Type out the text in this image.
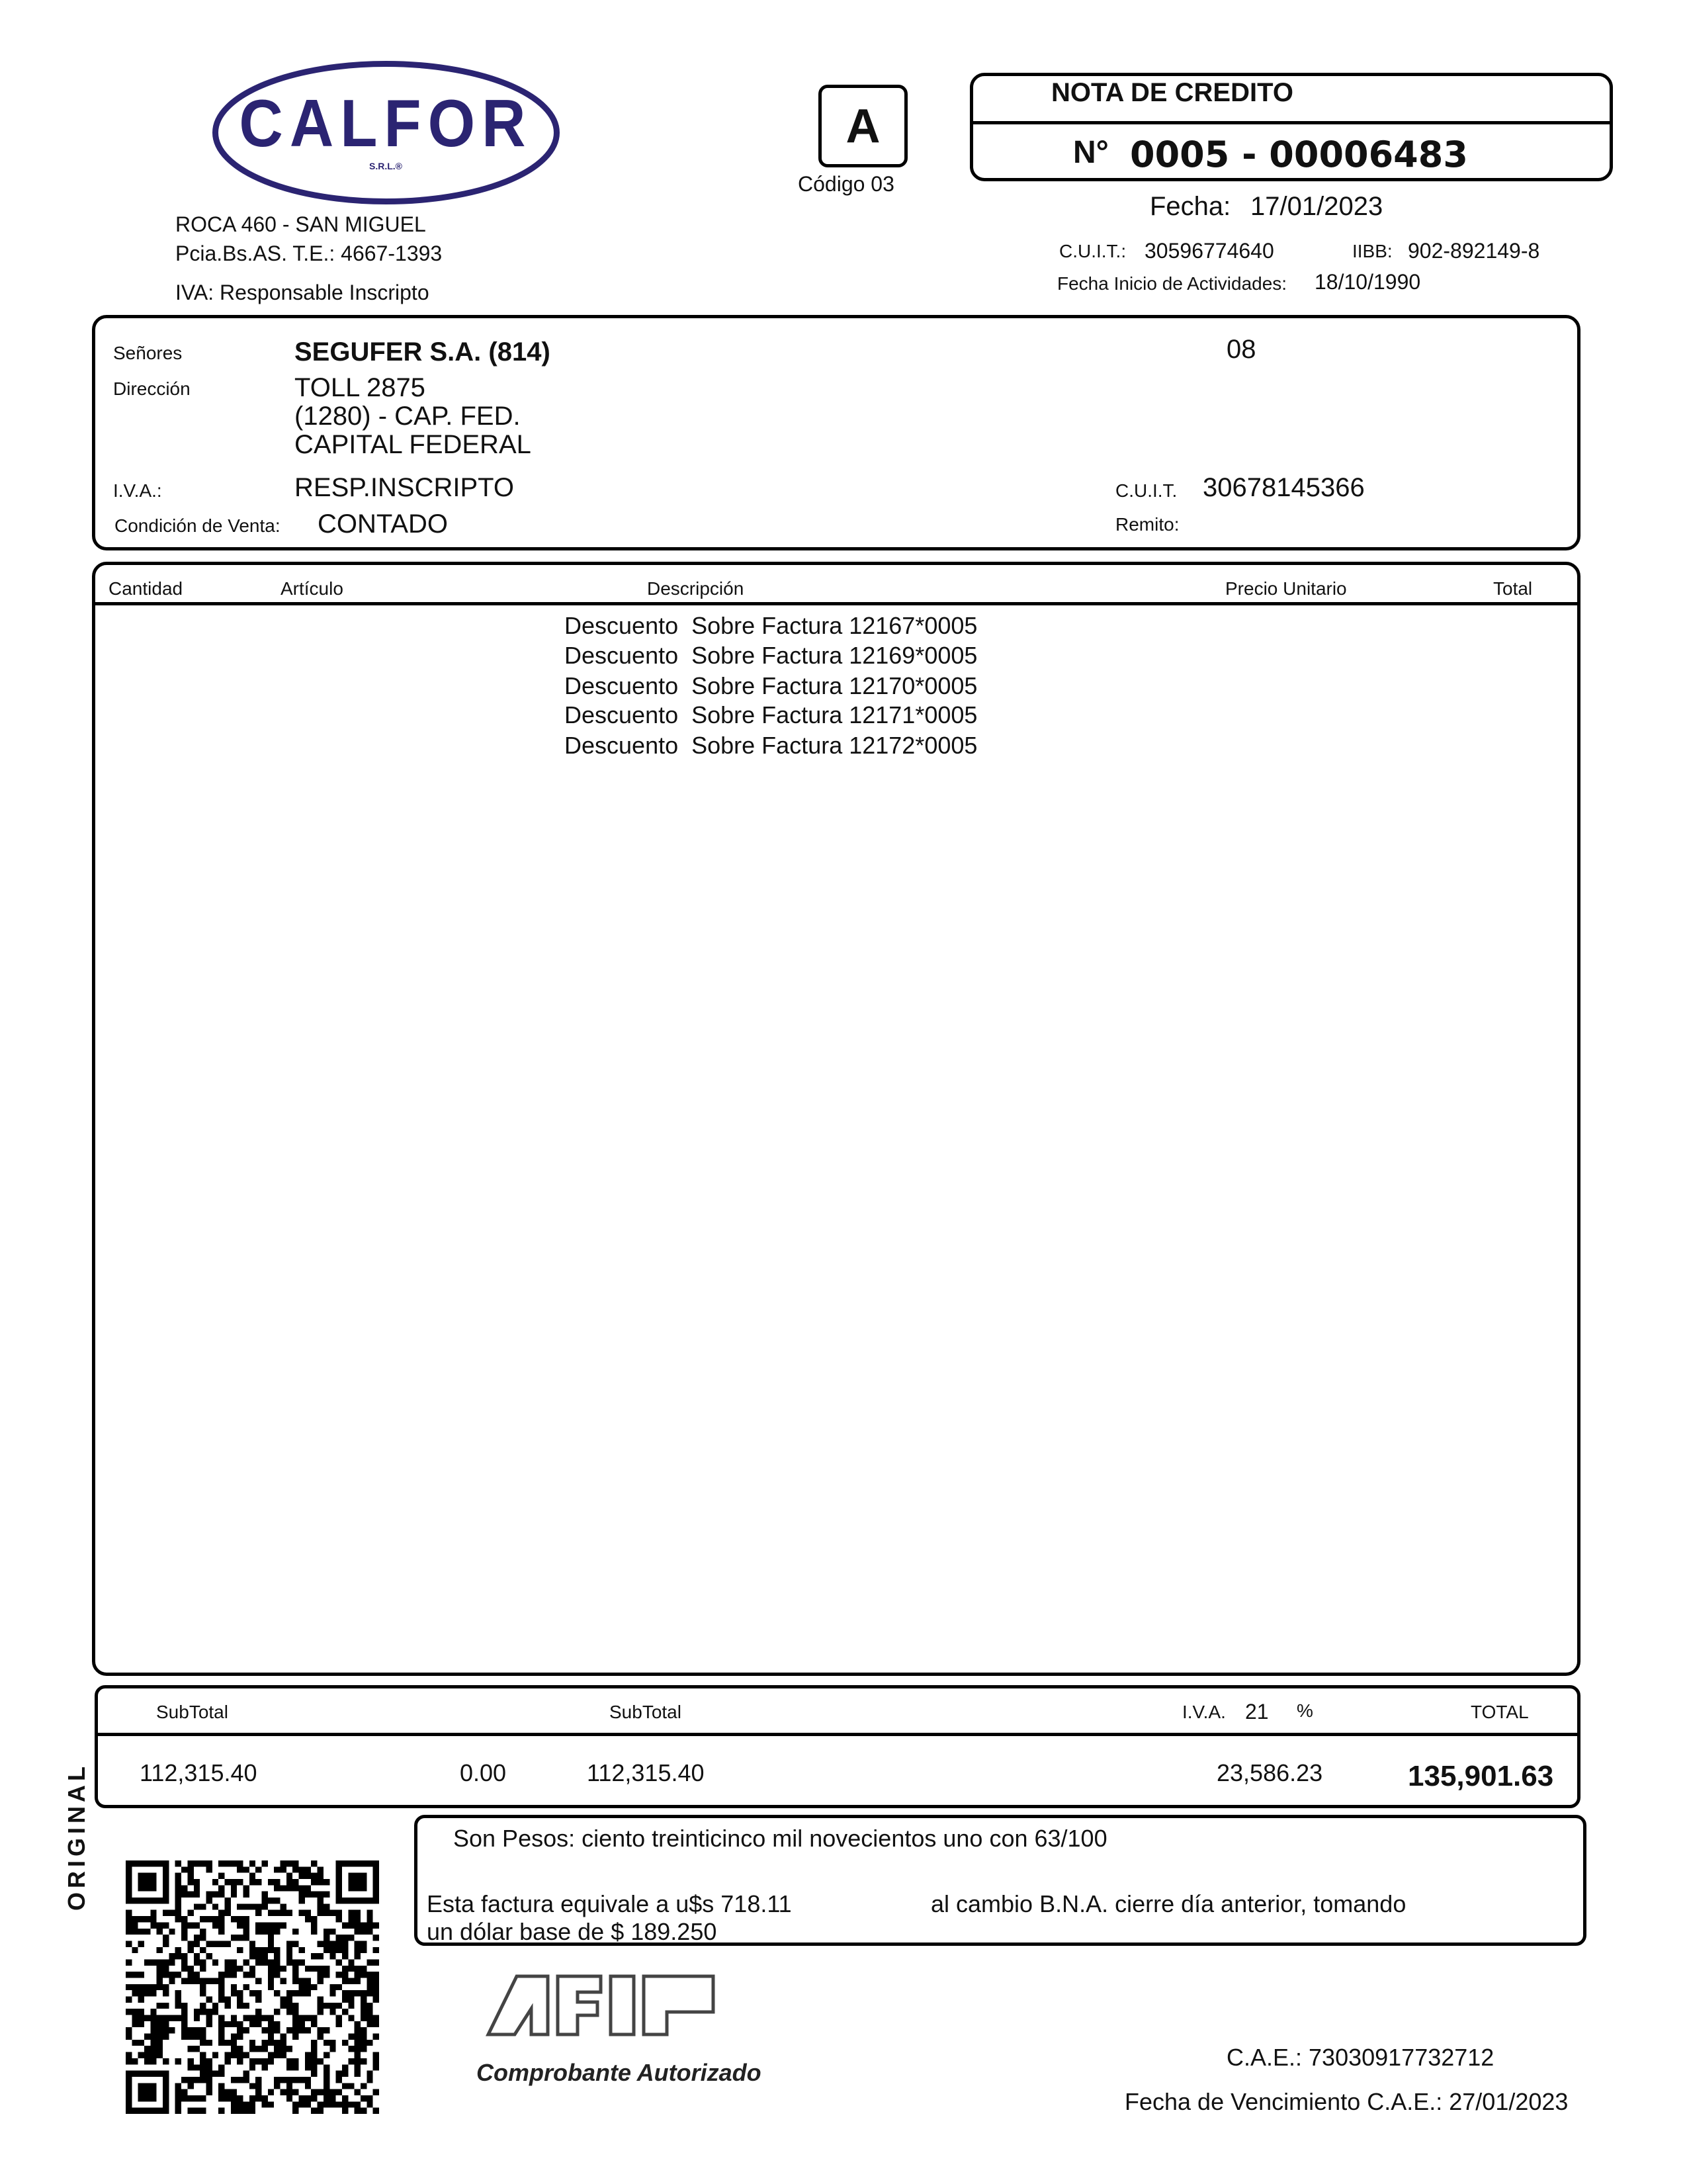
CALFOR
S.R.L.®
ROCA 460 - SAN MIGUEL
Pcia.Bs.AS. T.E.: 4667-1393
IVA: Responsable Inscripto
A
Código 03
NOTA DE CREDITO
N° 0005 - 00006483
Fecha: 17/01/2023
C.U.I.T.: 30596774640	IIBB: 902-892149-8
Fecha Inicio de Actividades: 18/10/1990
Señores	SEGUFER S.A. (814)	08
Dirección	TOLL 2875
(1280) - CAP. FED.
CAPITAL FEDERAL
I.V.A.:	RESP.INSCRIPTO	C.U.I.T. 30678145366
Condición de Venta: CONTADO	Remito:
Cantidad	Artículo	Descripción	Precio Unitario	Total
Descuento  Sobre Factura 12167*0005
Descuento  Sobre Factura 12169*0005
Descuento  Sobre Factura 12170*0005
Descuento  Sobre Factura 12171*0005
Descuento  Sobre Factura 12172*0005
SubTotal	SubTotal	I.V.A. 21 %	TOTAL
112,315.40	0.00	112,315.40	23,586.23	135,901.63
ORIGINAL	Son Pesos: ciento treinticinco mil novecientos uno con 63/100
Esta factura equivale a u$s 718.11	al cambio B.N.A. cierre día anterior, tomando
un dólar base de $ 189.250
Comprobante Autorizado
C.A.E.: 73030917732712
Fecha de Vencimiento C.A.E.: 27/01/2023
